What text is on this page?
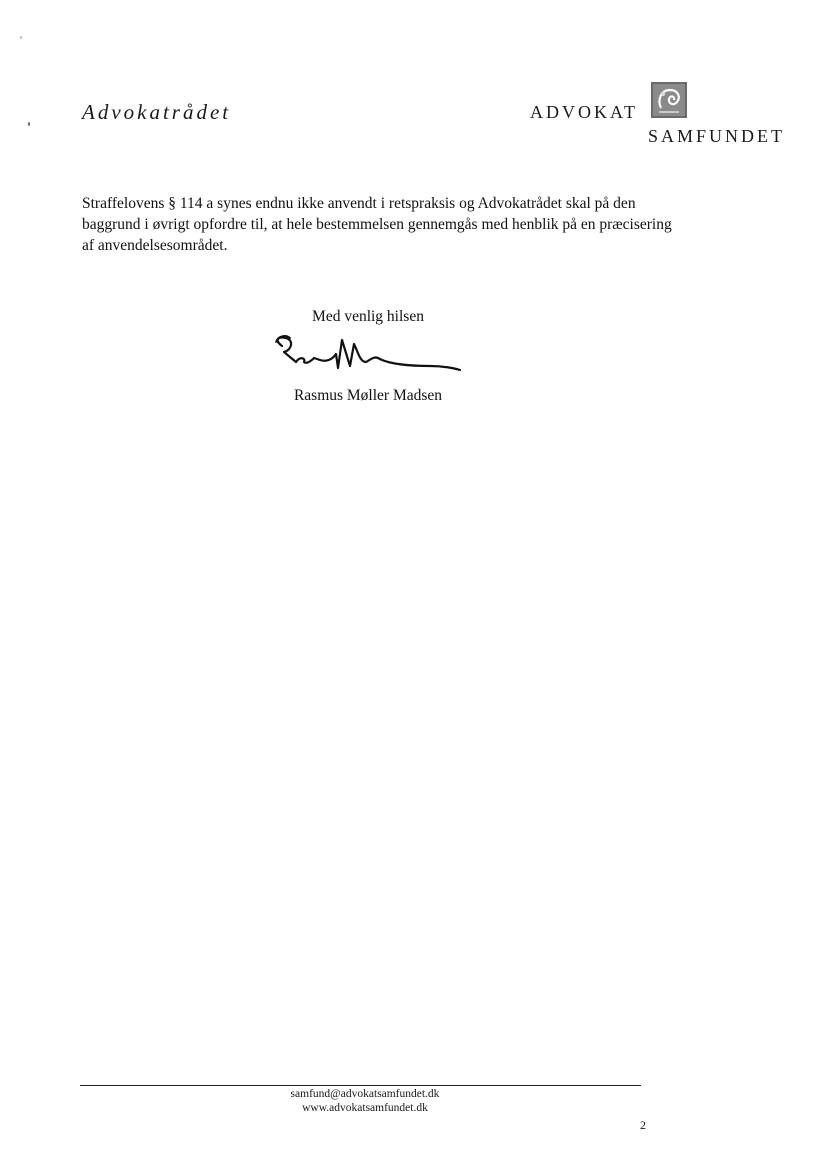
Advokatrådet	ADVOKAT
SAMFUNDET

Straffelovens § 114 a synes endnu ikke anvendt i retspraksis og Advokatrådet skal på den baggrund i øvrigt opfordre til, at hele bestemmelsen gennemgås med henblik på en præcisering af anvendelsesområdet.

Med venlig hilsen
Rasmus Møller Madsen
samfund@advokatsamfundet.dk
www.advokatsamfundet.dk
2
